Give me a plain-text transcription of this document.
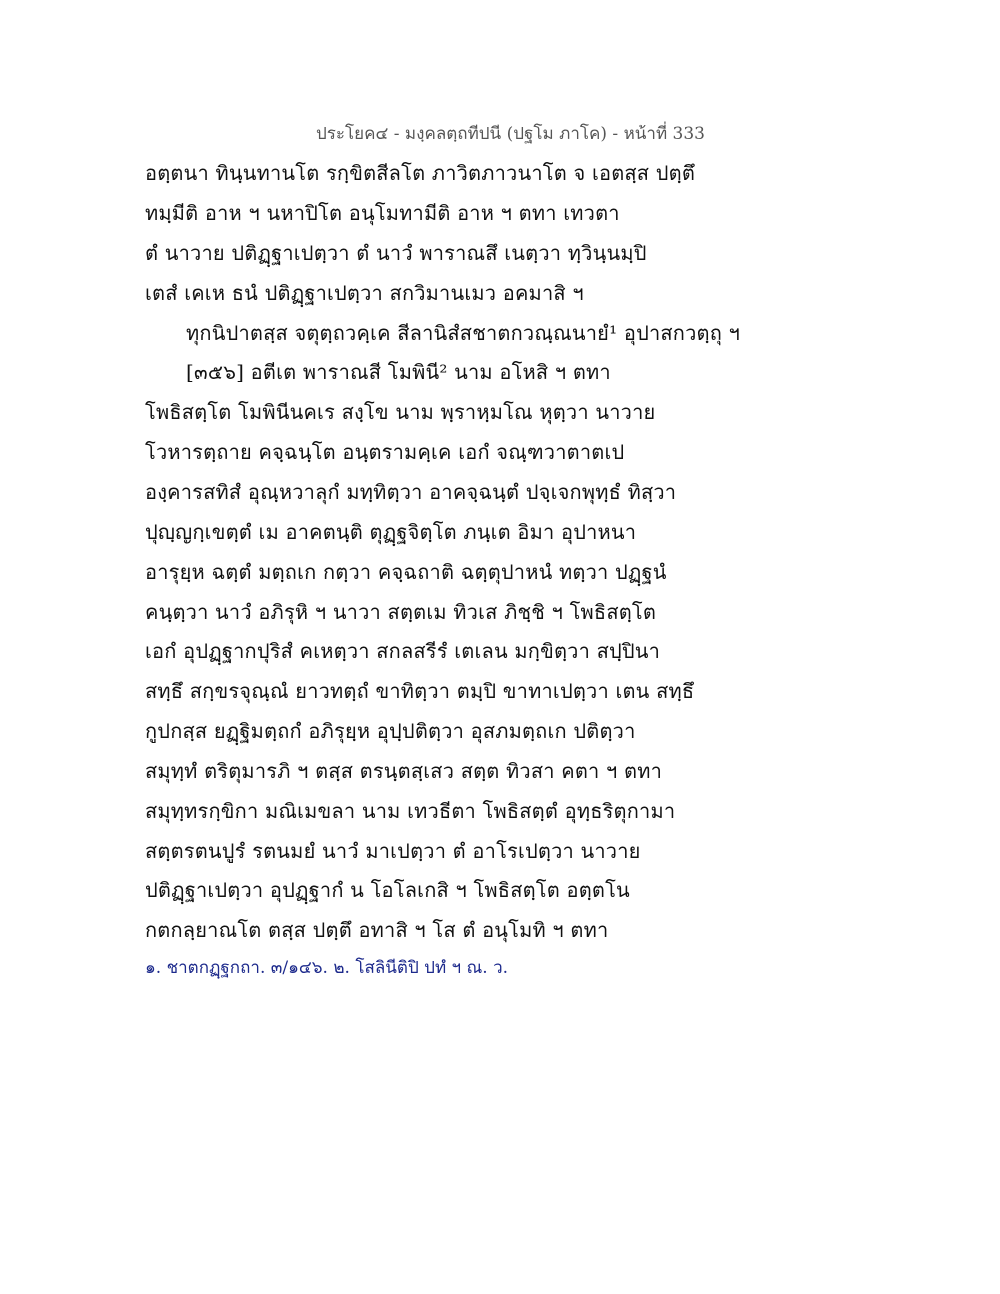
ประโยค๔ - มงฺคลตฺถทีปนี (ปฐโม ภาโค) - หน้าที่ 333
อตฺตนา ทินฺนทานโต รกฺขิตสีลโต ภาวิตภาวนาโต จ เอตสฺส ปตฺตึ
ทมฺมีติ อาห ฯ นหาปิโต อนุโมทามีติ อาห ฯ ตทา เทวตา
ตํ นาวาย ปติฏฺฐาเปตฺวา ตํ นาวํ พาราณสึ เนตฺวา ทฺวินฺนมฺปิ
เตสํ เคเห ธนํ ปติฏฺฐาเปตฺวา สกวิมานเมว อคมาสิ ฯ
ทุกนิปาตสฺส จตุตฺถวคฺเค สีลานิสํสชาตกวณฺณนายํ¹ อุปาสกวตฺถุ ฯ
[๓๕๖] อตีเต พาราณสี โมพินี² นาม อโหสิ ฯ ตทา
โพธิสตฺโต โมพินีนคเร สงฺโข นาม พฺราหฺมโณ หุตฺวา นาวาย
โวหารตฺถาย คจฺฉนฺโต อนฺตรามคฺเค เอกํ จณฺฑวาตาตเป
องฺคารสทิสํ อุณฺหวาลุกํ มทฺทิตฺวา อาคจฺฉนฺตํ ปจฺเจกพุทฺธํ ทิสฺวา
ปุญฺญกฺเขตฺตํ เม อาคตนฺติ ตุฏฺฐจิตฺโต ภนฺเต อิมา อุปาหนา
อารุยฺห ฉตฺตํ มตฺถเก กตฺวา คจฺฉถาติ ฉตฺตุปาหนํ ทตฺวา ปฏฺฐนํ
คนฺตฺวา นาวํ อภิรุหิ ฯ นาวา สตฺตเม ทิวเส ภิชฺชิ ฯ โพธิสตฺโต
เอกํ อุปฏฺฐากปุริสํ คเหตฺวา สกลสรีรํ เตเลน มกฺขิตฺวา สปฺปินา
สทฺธึ สกฺขรจุณฺณํ ยาวทตฺถํ ขาทิตฺวา ตมฺปิ ขาทาเปตฺวา เตน สทฺธึ
กูปกสฺส ยฏฺฐิมตฺถกํ อภิรุยฺห อุปฺปติตฺวา อุสภมตฺถเก ปติตฺวา
สมุทฺทํ ตริตุมารภิ ฯ ตสฺส ตรนฺตสฺเสว สตฺต ทิวสา คตา ฯ ตทา
สมุทฺทรกฺขิกา มณิเมขลา นาม เทวธีตา โพธิสตฺตํ อุทฺธริตุกามา
สตฺตรตนปูรํ รตนมยํ นาวํ มาเปตฺวา ตํ อาโรเปตฺวา นาวาย
ปติฏฺฐาเปตฺวา อุปฏฺฐากํ น โอโลเกสิ ฯ โพธิสตฺโต อตฺตโน
กตกลฺยาณโต ตสฺส ปตฺตึ อทาสิ ฯ โส ตํ อนุโมทิ ฯ ตทา
๑. ชาตกฏฺฐกถา. ๓/๑๔๖. ๒. โสลินีติปิ ปทํ ฯ ณ. ว.
